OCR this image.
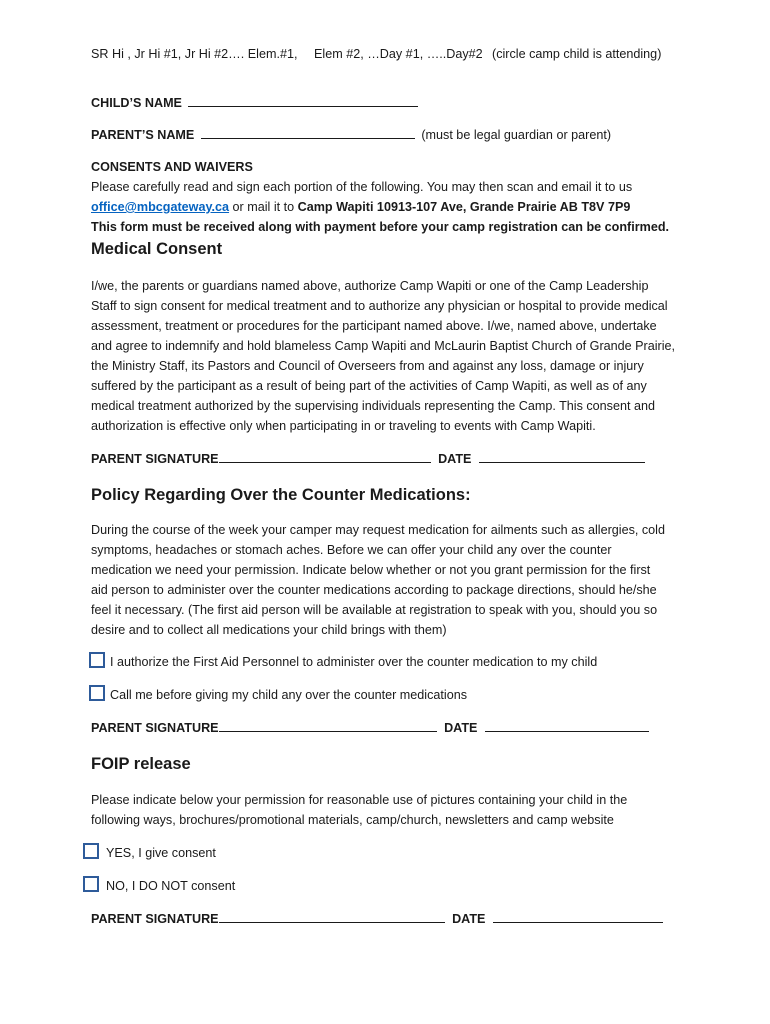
SR Hi , Jr Hi #1, Jr Hi #2…. Elem.#1, Elem #2, …Day #1, …..Day#2 (circle camp child is attending)
CHILD’S NAME
PARENT’S NAME	(must be legal guardian or parent)
CONSENTS AND WAIVERS
Please carefully read and sign each portion of the following. You may then scan and email it to us
office@mbcgateway.ca or mail it to Camp Wapiti 10913-107 Ave, Grande Prairie AB T8V 7P9
This form must be received along with payment before your camp registration can be confirmed.
Medical Consent
I/we, the parents or guardians named above, authorize Camp Wapiti or one of the Camp Leadership
Staff to sign consent for medical treatment and to authorize any physician or hospital to provide medical
assessment, treatment or procedures for the participant named above. I/we, named above, undertake
and agree to indemnify and hold blameless Camp Wapiti and McLaurin Baptist Church of Grande Prairie,
the Ministry Staff, its Pastors and Council of Overseers from and against any loss, damage or injury
suffered by the participant as a result of being part of the activities of Camp Wapiti, as well as of any
medical treatment authorized by the supervising individuals representing the Camp. This consent and
authorization is effective only when participating in or traveling to events with Camp Wapiti.
PARENT SIGNATURE	DATE
Policy Regarding Over the Counter Medications:
During the course of the week your camper may request medication for ailments such as allergies, cold
symptoms, headaches or stomach aches. Before we can offer your child any over the counter
medication we need your permission. Indicate below whether or not you grant permission for the first
aid person to administer over the counter medications according to package directions, should he/she
feel it necessary. (The first aid person will be available at registration to speak with you, should you so
desire and to collect all medications your child brings with them)
I authorize the First Aid Personnel to administer over the counter medication to my child
Call me before giving my child any over the counter medications
PARENT SIGNATURE	DATE
FOIP release
Please indicate below your permission for reasonable use of pictures containing your child in the
following ways, brochures/promotional materials, camp/church, newsletters and camp website
YES, I give consent
NO, I DO NOT consent
PARENT SIGNATURE	DATE
